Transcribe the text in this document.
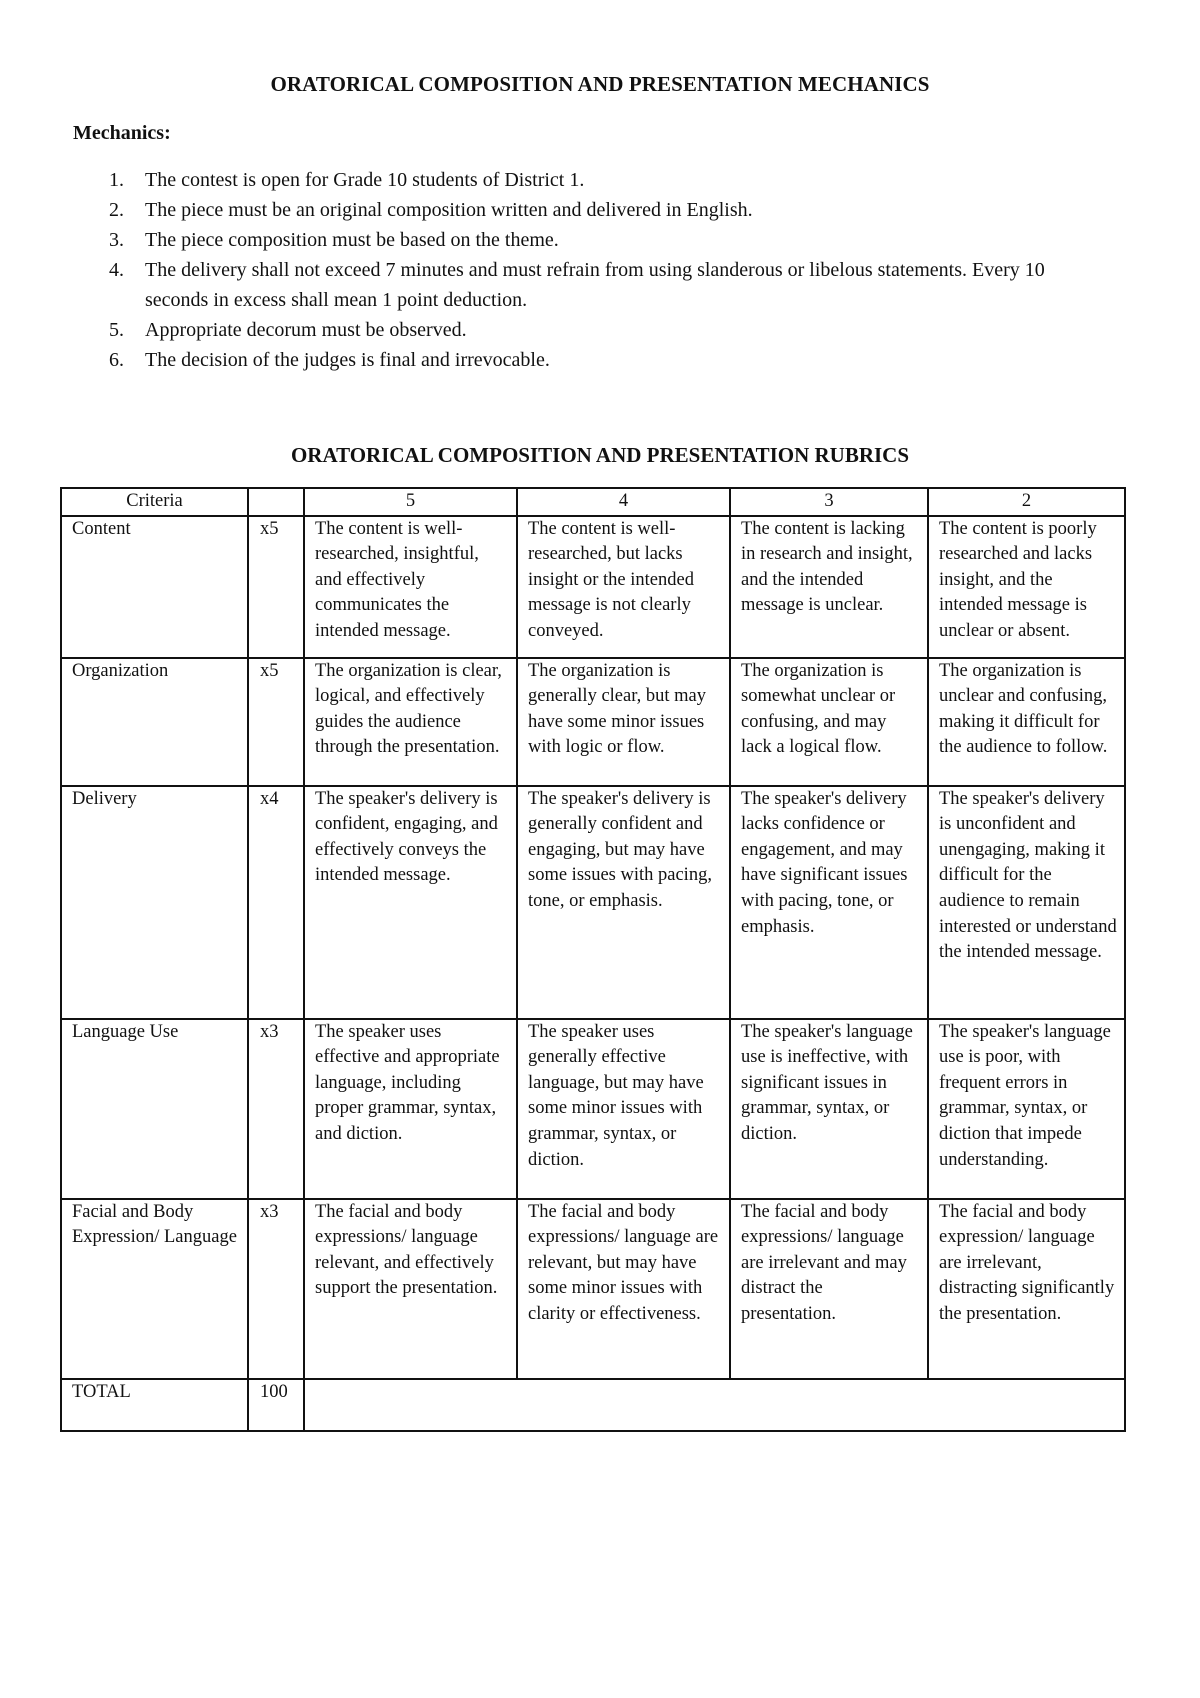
ORATORICAL COMPOSITION AND PRESENTATION MECHANICS
Mechanics:
1. The contest is open for Grade 10 students of District 1.
2. The piece must be an original composition written and delivered in English.
3. The piece composition must be based on the theme.
4. The delivery shall not exceed 7 minutes and must refrain from using slanderous or libelous statements. Every 10 seconds in excess shall mean 1 point deduction.
5. Appropriate decorum must be observed.
6. The decision of the judges is final and irrevocable.
ORATORICAL COMPOSITION AND PRESENTATION RUBRICS
Criteria		5	4	3	2
Content	x5	The content is well-researched, insightful, and effectively communicates the intended message.	The content is well-researched, but lacks insight or the intended message is not clearly conveyed.	The content is lacking in research and insight, and the intended message is unclear.	The content is poorly researched and lacks insight, and the intended message is unclear or absent.
Organization	x5	The organization is clear, logical, and effectively guides the audience through the presentation.	The organization is generally clear, but may have some minor issues with logic or flow.	The organization is somewhat unclear or confusing, and may lack a logical flow.	The organization is unclear and confusing, making it difficult for the audience to follow.
Delivery	x4	The speaker's delivery is confident, engaging, and effectively conveys the intended message.	The speaker's delivery is generally confident and engaging, but may have some issues with pacing, tone, or emphasis.	The speaker's delivery lacks confidence or engagement, and may have significant issues with pacing, tone, or emphasis.	The speaker's delivery is unconfident and unengaging, making it difficult for the audience to remain interested or understand the intended message.
Language Use	x3	The speaker uses effective and appropriate language, including proper grammar, syntax, and diction.	The speaker uses generally effective language, but may have some minor issues with grammar, syntax, or diction.	The speaker's language use is ineffective, with significant issues in grammar, syntax, or diction.	The speaker's language use is poor, with frequent errors in grammar, syntax, or diction that impede understanding.
Facial and Body Expression/ Language	x3	The facial and body expressions/ language relevant, and effectively support the presentation.	The facial and body expressions/ language are relevant, but may have some minor issues with clarity or effectiveness.	The facial and body expressions/ language are irrelevant and may distract the presentation.	The facial and body expression/ language are irrelevant, distracting significantly the presentation.
TOTAL	100				
